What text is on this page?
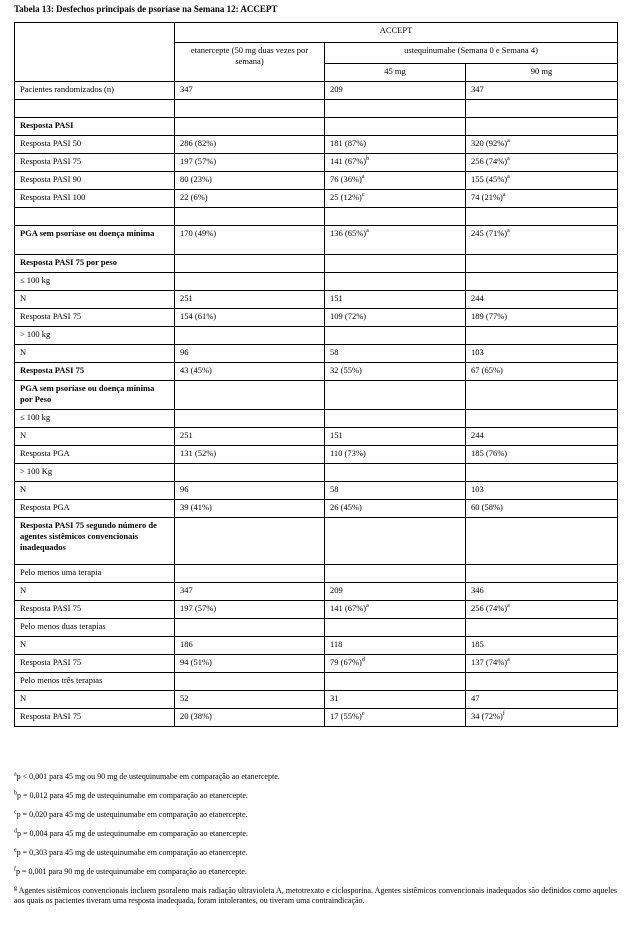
Tabela 13: Desfechos principais de psoríase na Semana 12: ACCEPT
	ACCEPT		
	etanercepte (50 mg duas vezes por semana)	ustequinumabe (Semana 0 e Semana 4)	
		45 mg	90 mg
Pacientes randomizados (n)	347	209	347

Resposta PASI			
Resposta PASI 50	286 (82%)	181 (87%)	320 $(92\%)^a$
Resposta PASI 75	197 (57%)	141 $(67\%)^b$	256 $(74\%)^a$
Resposta PASI 90	80 (23%)	76 $(36\%)^a$	155 $(45\%)^a$
Resposta PASI 100	22 (6%)	25 $(12\%)^c$	74 $(21\%)^a$

PGA sem psoríase ou doença mínima	170 (49%)	136 $(65\%)^a$	245 $(71\%)^a$
Resposta PASI 75 por peso			
≤ 100 kg			
N	251	151	244
Resposta PASI 75	154 (61%)	109 (72%)	189 (77%)
> 100 kg			
N	96	58	103
Resposta PASI 75	43 (45%)	32 (55%)	67 (65%)
PGA sem psoríase ou doença mínima por Peso			
≤ 100 kg			
N	251	151	244
Resposta PGA	131 (52%)	110 (73%)	185 (76%)
> 100 Kg			
N	96	58	103
Resposta PGA	39 (41%)	26 (45%)	60 (58%)
Resposta PASI 75 segundo número de agentes sistêmicos convencionais inadequados			
Pelo menos uma terapia			
N	347	209	346
Resposta PASI 75	197 (57%)	141 $(67\%)^a$	256 $(74\%)^a$
Pelo menos duas terapias			
N	186	118	185
Resposta PASI 75	94 (51%)	79 $(67\%)^d$	137 $(74\%)^a$
Pelo menos três terapias			
N	52	31	47
Resposta PASI 75	20 (38%)	17 $(55\%)^e$	34 $(72\%)^f$

$^a$p < 0,001 para 45 mg ou 90 mg de ustequinumabe em comparação ao etanercepte.

$^b$p = 0,012 para 45 mg de ustequinumabe em comparação ao etanercepte.

$^c$p = 0,020 para 45 mg de ustequinumabe em comparação ao etanercepte.

$^d$p = 0,004 para 45 mg de ustequinumabe em comparação ao etanercepte.

$^e$p = 0,303 para 45 mg de ustequinumabe em comparação ao etanercepte.

$^f$p = 0,001 para 90 mg de ustequinumabe em comparação ao etanercepte.

$^g$ Agentes sistêmicos convencionais incluem psoraleno mais radiação ultravioleta A, metotrexato e ciclosporina. Agentes sistêmicos convencionais inadequados são definidos como aqueles aos quais os pacientes tiveram uma resposta inadequada, foram intolerantes, ou tiveram uma contraindicação.
